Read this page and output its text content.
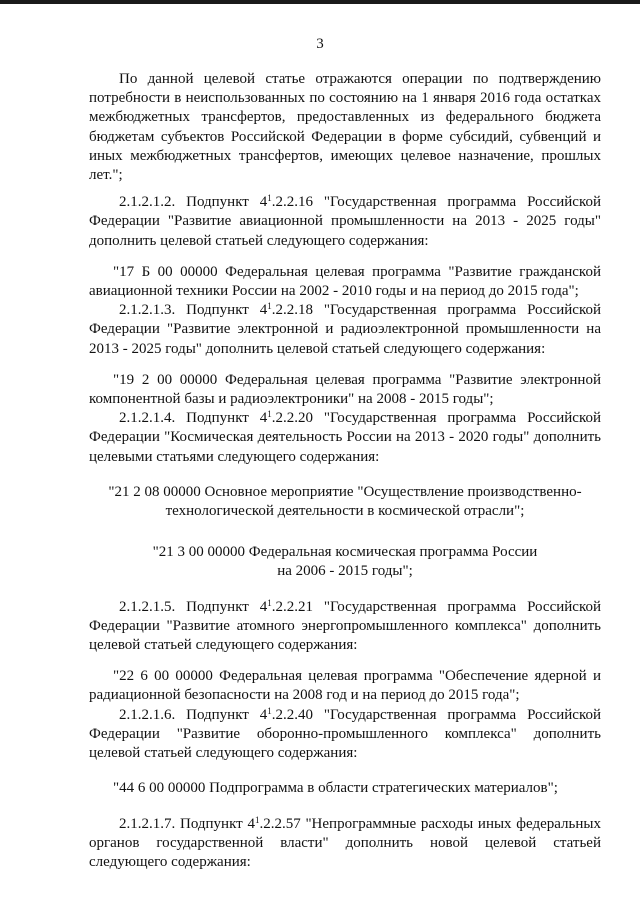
3

По данной целевой статье отражаются операции по подтверждению потребности в неиспользованных по состоянию на 1 января 2016 года остатках межбюджетных трансфертов, предоставленных из федерального бюджета бюджетам субъектов Российской Федерации в форме субсидий, субвенций и иных межбюджетных трансфертов, имеющих целевое назначение, прошлых лет.";

2.1.2.1.2. Подпункт $4^1.2.2.16$ "Государственная программа Российской Федерации "Развитие авиационной промышленности на 2013 - 2025 годы" дополнить целевой статьей следующего содержания:

"17 Б 00 00000 Федеральная целевая программа "Развитие гражданской авиационной техники России на 2002 - 2010 годы и на период до 2015 года";

2.1.2.1.3. Подпункт $4^1.2.2.18$ "Государственная программа Российской Федерации "Развитие электронной и радиоэлектронной промышленности на 2013 - 2025 годы" дополнить целевой статьей следующего содержания:

"19 2 00 00000 Федеральная целевая программа "Развитие электронной компонентной базы и радиоэлектроники" на 2008 - 2015 годы";

2.1.2.1.4. Подпункт $4^1.2.2.20$ "Государственная программа Российской Федерации "Космическая деятельность России на 2013 - 2020 годы" дополнить целевыми статьями следующего содержания:

"21 2 08 00000 Основное мероприятие "Осуществление производственно-технологической деятельности в космической отрасли";

"21 3 00 00000 Федеральная космическая программа России
на 2006 - 2015 годы";

2.1.2.1.5. Подпункт $4^1.2.2.21$ "Государственная программа Российской Федерации "Развитие атомного энергопромышленного комплекса" дополнить целевой статьей следующего содержания:

"22 6 00 00000 Федеральная целевая программа "Обеспечение ядерной и радиационной безопасности на 2008 год и на период до 2015 года";

2.1.2.1.6. Подпункт $4^1.2.2.40$ "Государственная программа Российской Федерации "Развитие оборонно-промышленного комплекса" дополнить целевой статьей следующего содержания:

"44 6 00 00000 Подпрограмма в области стратегических материалов";

2.1.2.1.7. Подпункт $4^1.2.2.57$ "Непрограммные расходы иных федеральных органов государственной власти" дополнить новой целевой статьей следующего содержания:
